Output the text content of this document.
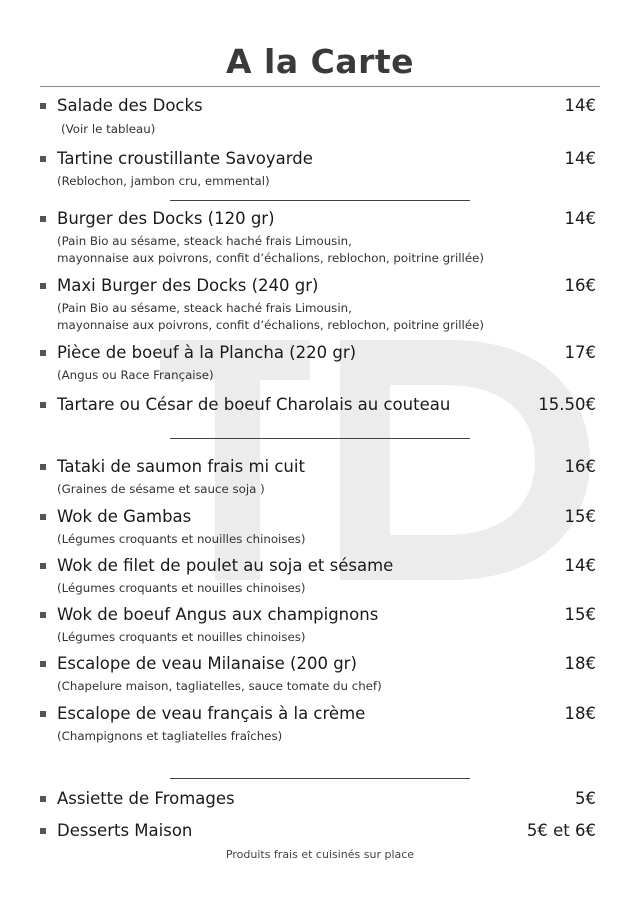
A la Carte
Salade des Docks	14€
(Voir le tableau)
Tartine croustillante Savoyarde	14€
(Reblochon, jambon cru, emmental)
Burger des Docks (120 gr)	14€
(Pain Bio au sésame, steack haché frais Limousin,
mayonnaise aux poivrons, confit d’échalions, reblochon, poitrine grillée)
Maxi Burger des Docks (240 gr)	16€
(Pain Bio au sésame, steack haché frais Limousin,
mayonnaise aux poivrons, confit d’échalions, reblochon, poitrine grillée)
Pièce de boeuf à la Plancha (220 gr)	17€
(Angus ou Race Française)
Tartare ou César de boeuf Charolais au couteau	15.50€
Tataki de saumon frais mi cuit	16€
(Graines de sésame et sauce soja )
Wok de Gambas	15€
(Légumes croquants et nouilles chinoises)
Wok de filet de poulet au soja et sésame	14€
(Légumes croquants et nouilles chinoises)
Wok de boeuf Angus aux champignons	15€
(Légumes croquants et nouilles chinoises)
Escalope de veau Milanaise (200 gr)	18€
(Chapelure maison, tagliatelles, sauce tomate du chef)
Escalope de veau français à la crème	18€
(Champignons et tagliatelles fraîches)
Assiette de Fromages	5€
Desserts Maison	5€ et 6€
Produits frais et cuisinés sur place
